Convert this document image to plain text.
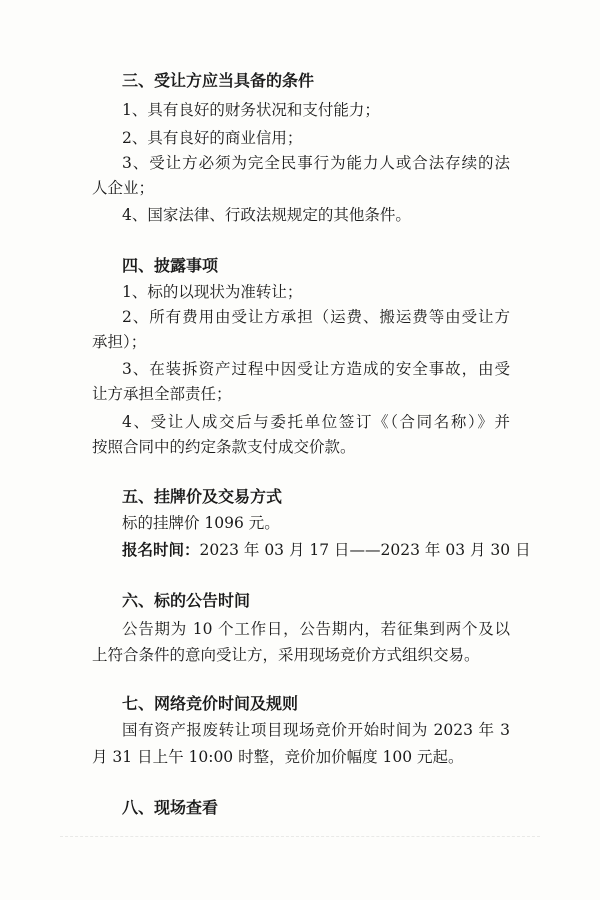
三、受让方应当具备的条件

1、具有良好的财务状况和支付能力；

2、具有良好的商业信用；

3、受让方必须为完全民事行为能力人或合法存续的法

人企业；

4、国家法律、行政法规规定的其他条件。

四、披露事项

1、标的以现状为准转让；

2、所有费用由受让方承担（运费、搬运费等由受让方

承担）；

3、在装拆资产过程中因受让方造成的安全事故，由受

让方承担全部责任；

4、受让人成交后与委托单位签订《（合同名称）》并

按照合同中的约定条款支付成交价款。

五、挂牌价及交易方式

标的挂牌价 1096 元。

报名时间：2023 年 03 月 17 日——2023 年 03 月 30 日

六、标的公告时间

公告期为 10 个工作日，公告期内，若征集到两个及以

上符合条件的意向受让方，采用现场竞价方式组织交易。

七、网络竞价时间及规则

国有资产报废转让项目现场竞价开始时间为 2023 年 3

月 31 日上午 10:00 时整，竞价加价幅度 100 元起。

八、现场查看
